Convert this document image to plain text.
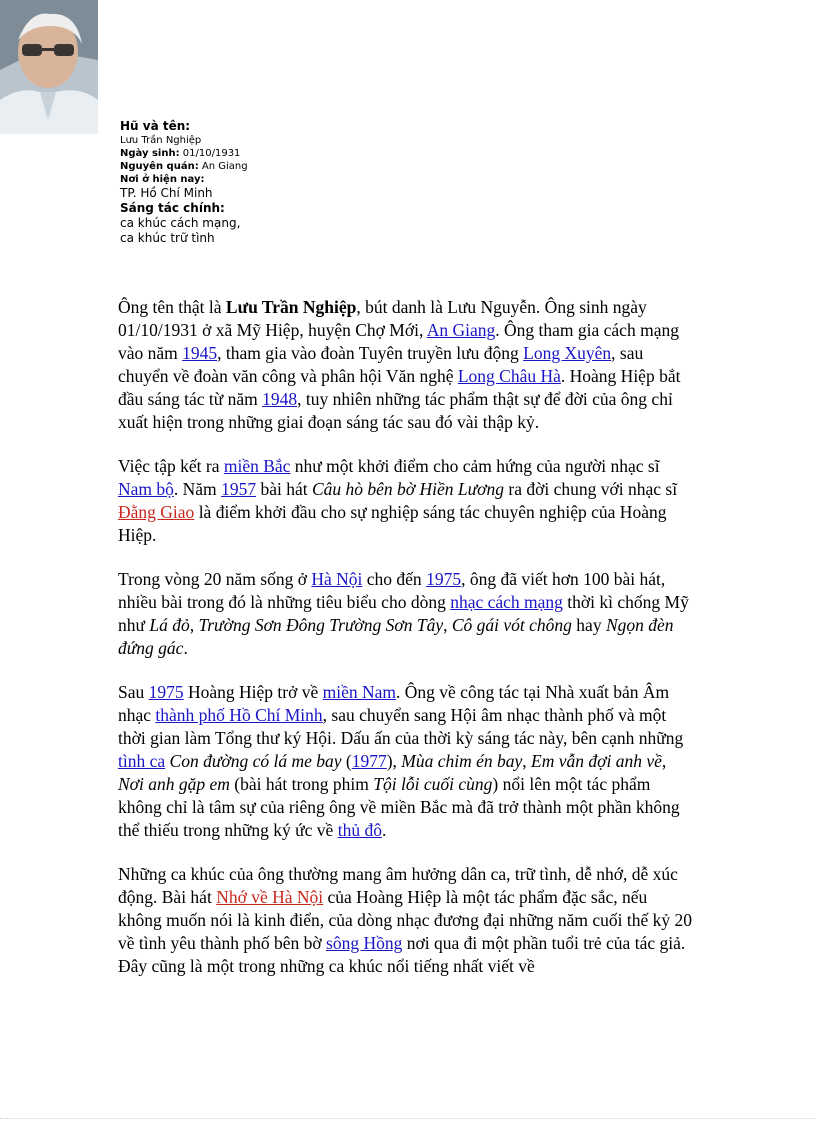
Hũ và tên:
Lưu Trần Nghiệp
Ngày sinh: 01/10/1931
Nguyên quán: An Giang
Nơi ở hiện nay:
TP. Hồ Chí Minh
Sáng tác chính:
ca khúc cách mạng,
ca khúc trữ tình

Ông tên thật là Lưu Trần Nghiệp, bút danh là Lưu Nguyễn. Ông sinh ngày 01/10/1931 ở xã Mỹ Hiệp, huyện Chợ Mới, An Giang. Ông tham gia cách mạng vào năm 1945, tham gia vào đoàn Tuyên truyền lưu động Long Xuyên, sau chuyển về đoàn văn công và phân hội Văn nghệ Long Châu Hà. Hoàng Hiệp bắt đầu sáng tác từ năm 1948, tuy nhiên những tác phẩm thật sự để đời của ông chỉ xuất hiện trong những giai đoạn sáng tác sau đó vài thập kỷ.

Việc tập kết ra miền Bắc như một khởi điểm cho cảm hứng của người nhạc sĩ Nam bộ. Năm 1957 bài hát Câu hò bên bờ Hiền Lương ra đời chung với nhạc sĩ Đằng Giao là điểm khởi đầu cho sự nghiệp sáng tác chuyên nghiệp của Hoàng Hiệp.

Trong vòng 20 năm sống ở Hà Nội cho đến 1975, ông đã viết hơn 100 bài hát, nhiều bài trong đó là những tiêu biểu cho dòng nhạc cách mạng thời kì chống Mỹ như Lá đỏ, Trường Sơn Đông Trường Sơn Tây, Cô gái vót chông hay Ngọn đèn đứng gác.

Sau 1975 Hoàng Hiệp trở về miền Nam. Ông về công tác tại Nhà xuất bản Âm nhạc thành phố Hồ Chí Minh, sau chuyển sang Hội âm nhạc thành phố và một thời gian làm Tổng thư ký Hội. Dấu ấn của thời kỳ sáng tác này, bên cạnh những tình ca Con đường có lá me bay (1977), Mùa chim én bay, Em vẫn đợi anh về, Nơi anh gặp em (bài hát trong phim Tội lỗi cuối cùng) nổi lên một tác phẩm không chỉ là tâm sự của riêng ông về miền Bắc mà đã trở thành một phần không thể thiếu trong những ký ức về thủ đô.

Những ca khúc của ông thường mang âm hưởng dân ca, trữ tình, dễ nhớ, dễ xúc động. Bài hát Nhớ về Hà Nội của Hoàng Hiệp là một tác phẩm đặc sắc, nếu không muốn nói là kinh điển, của dòng nhạc đương đại những năm cuối thế kỷ 20 về tình yêu thành phố bên bờ sông Hồng nơi qua đi một phần tuổi trẻ của tác giả. Đây cũng là một trong những ca khúc nổi tiếng nhất viết về
